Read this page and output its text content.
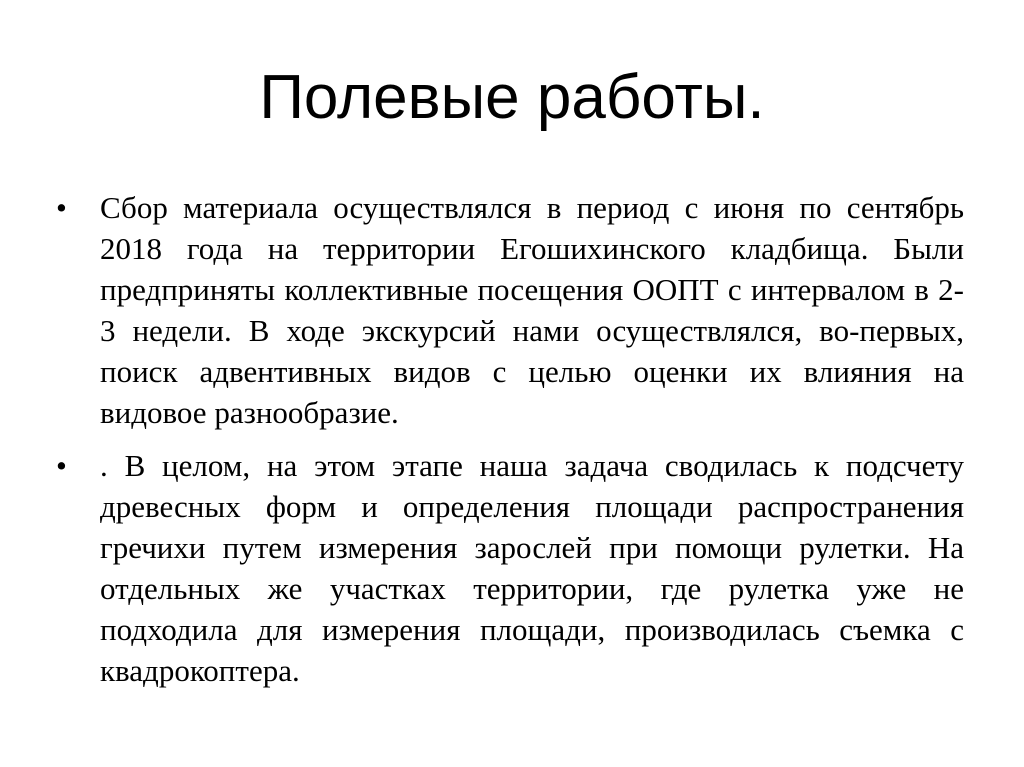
Полевые работы.
• Сбор материала осуществлялся в период с июня по сентябрь 2018 года на территории Егошихинского кладбища. Были предприняты коллективные посещения ООПТ с интервалом в 2-3 недели. В ходе экскурсий нами осуществлялся, во-первых, поиск адвентивных видов с целью оценки их влияния на видовое разнообразие.
• . В целом, на этом этапе наша задача сводилась к подсчету древесных форм и определения площади распространения гречихи путем измерения зарослей при помощи рулетки. На отдельных же участках территории, где рулетка уже не подходила для измерения площади, производилась съемка с квадрокоптера.
